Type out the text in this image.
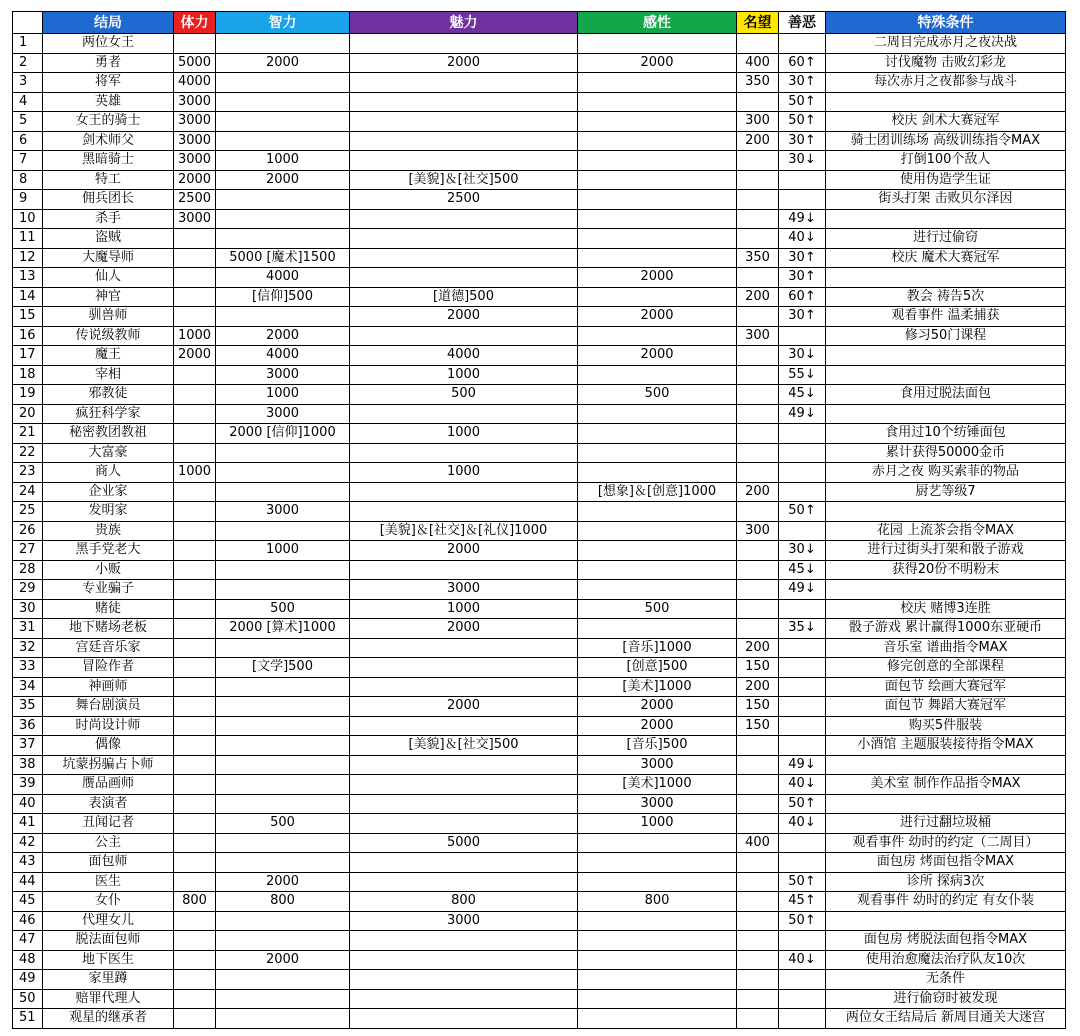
	结局	体力	智力	魅力	感性	名望	善恶	特殊条件
1	两位女王							二周目完成赤月之夜决战
2	勇者	5000	2000	2000	2000	400	60↑	讨伐魔物 击败幻彩龙
3	将军	4000				350	30↑	每次赤月之夜都参与战斗
4	英雄	3000					50↑	
5	女王的骑士	3000				300	50↑	校庆 剑术大赛冠军
6	剑术师父	3000				200	30↑	骑士团训练场 高级训练指令MAX
7	黑暗骑士	3000	1000				30↓	打倒100个敌人
8	特工	2000	2000	[美貌]＆[社交]500				使用伪造学生证
9	佣兵团长	2500		2500				街头打架 击败贝尔泽因
10	杀手	3000					49↓	
11	盗贼						40↓	进行过偷窃
12	大魔导师		5000 [魔术]1500			350	30↑	校庆 魔术大赛冠军
13	仙人		4000		2000		30↑	
14	神官		[信仰]500	[道德]500		200	60↑	教会 祷告5次
15	驯兽师			2000	2000		30↑	观看事件 温柔捕获
16	传说级教师	1000	2000			300		修习50门课程
17	魔王	2000	4000	4000	2000		30↓	
18	宰相		3000	1000			55↓	
19	邪教徒		1000	500	500		45↓	食用过脱法面包
20	疯狂科学家		3000				49↓	
21	秘密教团教祖		2000 [信仰]1000	1000				食用过10个纺锤面包
22	大富豪							累计获得50000金币
23	商人	1000		1000				赤月之夜 购买索菲的物品
24	企业家				[想象]＆[创意]1000	200		厨艺等级7
25	发明家		3000				50↑	
26	贵族			[美貌]＆[社交]＆[礼仪]1000		300		花园 上流茶会指令MAX
27	黑手党老大		1000	2000			30↓	进行过街头打架和骰子游戏
28	小贩						45↓	获得20份不明粉末
29	专业骗子			3000			49↓	
30	赌徒		500	1000	500			校庆 赌博3连胜
31	地下赌场老板		2000 [算术]1000	2000			35↓	骰子游戏 累计赢得1000东亚硬币
32	宫廷音乐家				[音乐]1000	200		音乐室 谱曲指令MAX
33	冒险作者		[文学]500		[创意]500	150		修完创意的全部课程
34	神画师				[美术]1000	200		面包节 绘画大赛冠军
35	舞台剧演员			2000	2000	150		面包节 舞蹈大赛冠军
36	时尚设计师				2000	150		购买5件服装
37	偶像			[美貌]＆[社交]500	[音乐]500			小酒馆 主题服装接待指令MAX
38	坑蒙拐骗占卜师				3000		49↓	
39	赝品画师				[美术]1000		40↓	美术室 制作作品指令MAX
40	表演者				3000		50↑	
41	丑闻记者		500		1000		40↓	进行过翻垃圾桶
42	公主			5000		400		观看事件 幼时的约定（二周目）
43	面包师							面包房 烤面包指令MAX
44	医生		2000				50↑	诊所 探病3次
45	女仆	800	800	800	800		45↑	观看事件 幼时的约定 有女仆装
46	代理女儿			3000			50↑	
47	脱法面包师							面包房 烤脱法面包指令MAX
48	地下医生		2000				40↓	使用治愈魔法治疗队友10次
49	家里蹲							无条件
50	赔罪代理人							进行偷窃时被发现
51	观星的继承者							两位女王结局后 新周目通关大迷宫
